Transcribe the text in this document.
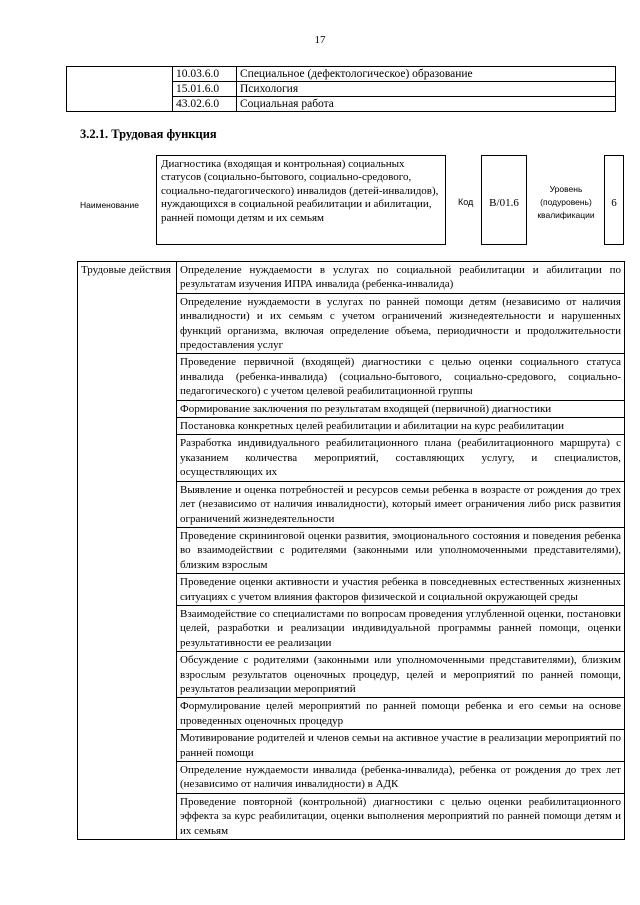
17
	10.03.6.0	Специальное (дефектологическое) образование
	15.01.6.0	Психология
	43.02.6.0	Социальная работа
3.2.1. Трудовая функция
Наименование
Диагностика (входящая и контрольная) социальных статусов (социально-бытового, социально-средового, социально-педагогического) инвалидов (детей-инвалидов), нуждающихся в социальной реабилитации и абилитации, ранней помощи детям и их семьям
Код	B/01.6
Уровень (подуровень) квалификации
6
Трудовые действия	Определение нуждаемости в услугах по социальной реабилитации и абилитации по результатам изучения ИПРА инвалида (ребенка-инвалида)
Определение нуждаемости в услугах по ранней помощи детям (независимо от наличия инвалидности) и их семьям с учетом ограничений жизнедеятельности и нарушенных функций организма, включая определение объема, периодичности и продолжительности предоставления услуг
Проведение первичной (входящей) диагностики с целью оценки социального статуса инвалида (ребенка-инвалида) (социально-бытового, социально-средового, социально-педагогического) с учетом целевой реабилитационной группы
Формирование заключения по результатам входящей (первичной) диагностики
Постановка конкретных целей реабилитации и абилитации на курс реабилитации
Разработка индивидуального реабилитационного плана (реабилитационного маршрута) с указанием количества мероприятий, составляющих услугу, и специалистов, осуществляющих их
Выявление и оценка потребностей и ресурсов семьи ребенка в возрасте от рождения до трех лет (независимо от наличия инвалидности), который имеет ограничения либо риск развития ограничений жизнедеятельности
Проведение скрининговой оценки развития, эмоционального состояния и поведения ребенка во взаимодействии с родителями (законными или уполномоченными представителями), близким взрослым
Проведение оценки активности и участия ребенка в повседневных естественных жизненных ситуациях с учетом влияния факторов физической и социальной окружающей среды
Взаимодействие со специалистами по вопросам проведения углубленной оценки, постановки целей, разработки и реализации индивидуальной программы ранней помощи, оценки результативности ее реализации
Обсуждение с родителями (законными или уполномоченными представителями), близким взрослым результатов оценочных процедур, целей и мероприятий по ранней помощи, результатов реализации мероприятий
Формулирование целей мероприятий по ранней помощи ребенка и его семьи на основе проведенных оценочных процедур
Мотивирование родителей и членов семьи на активное участие в реализации мероприятий по ранней помощи
Определение нуждаемости инвалида (ребенка-инвалида), ребенка от рождения до трех лет (независимо от наличия инвалидности) в АДК
Проведение повторной (контрольной) диагностики с целью оценки реабилитационного эффекта за курс реабилитации, оценки выполнения мероприятий по ранней помощи детям и их семьям
